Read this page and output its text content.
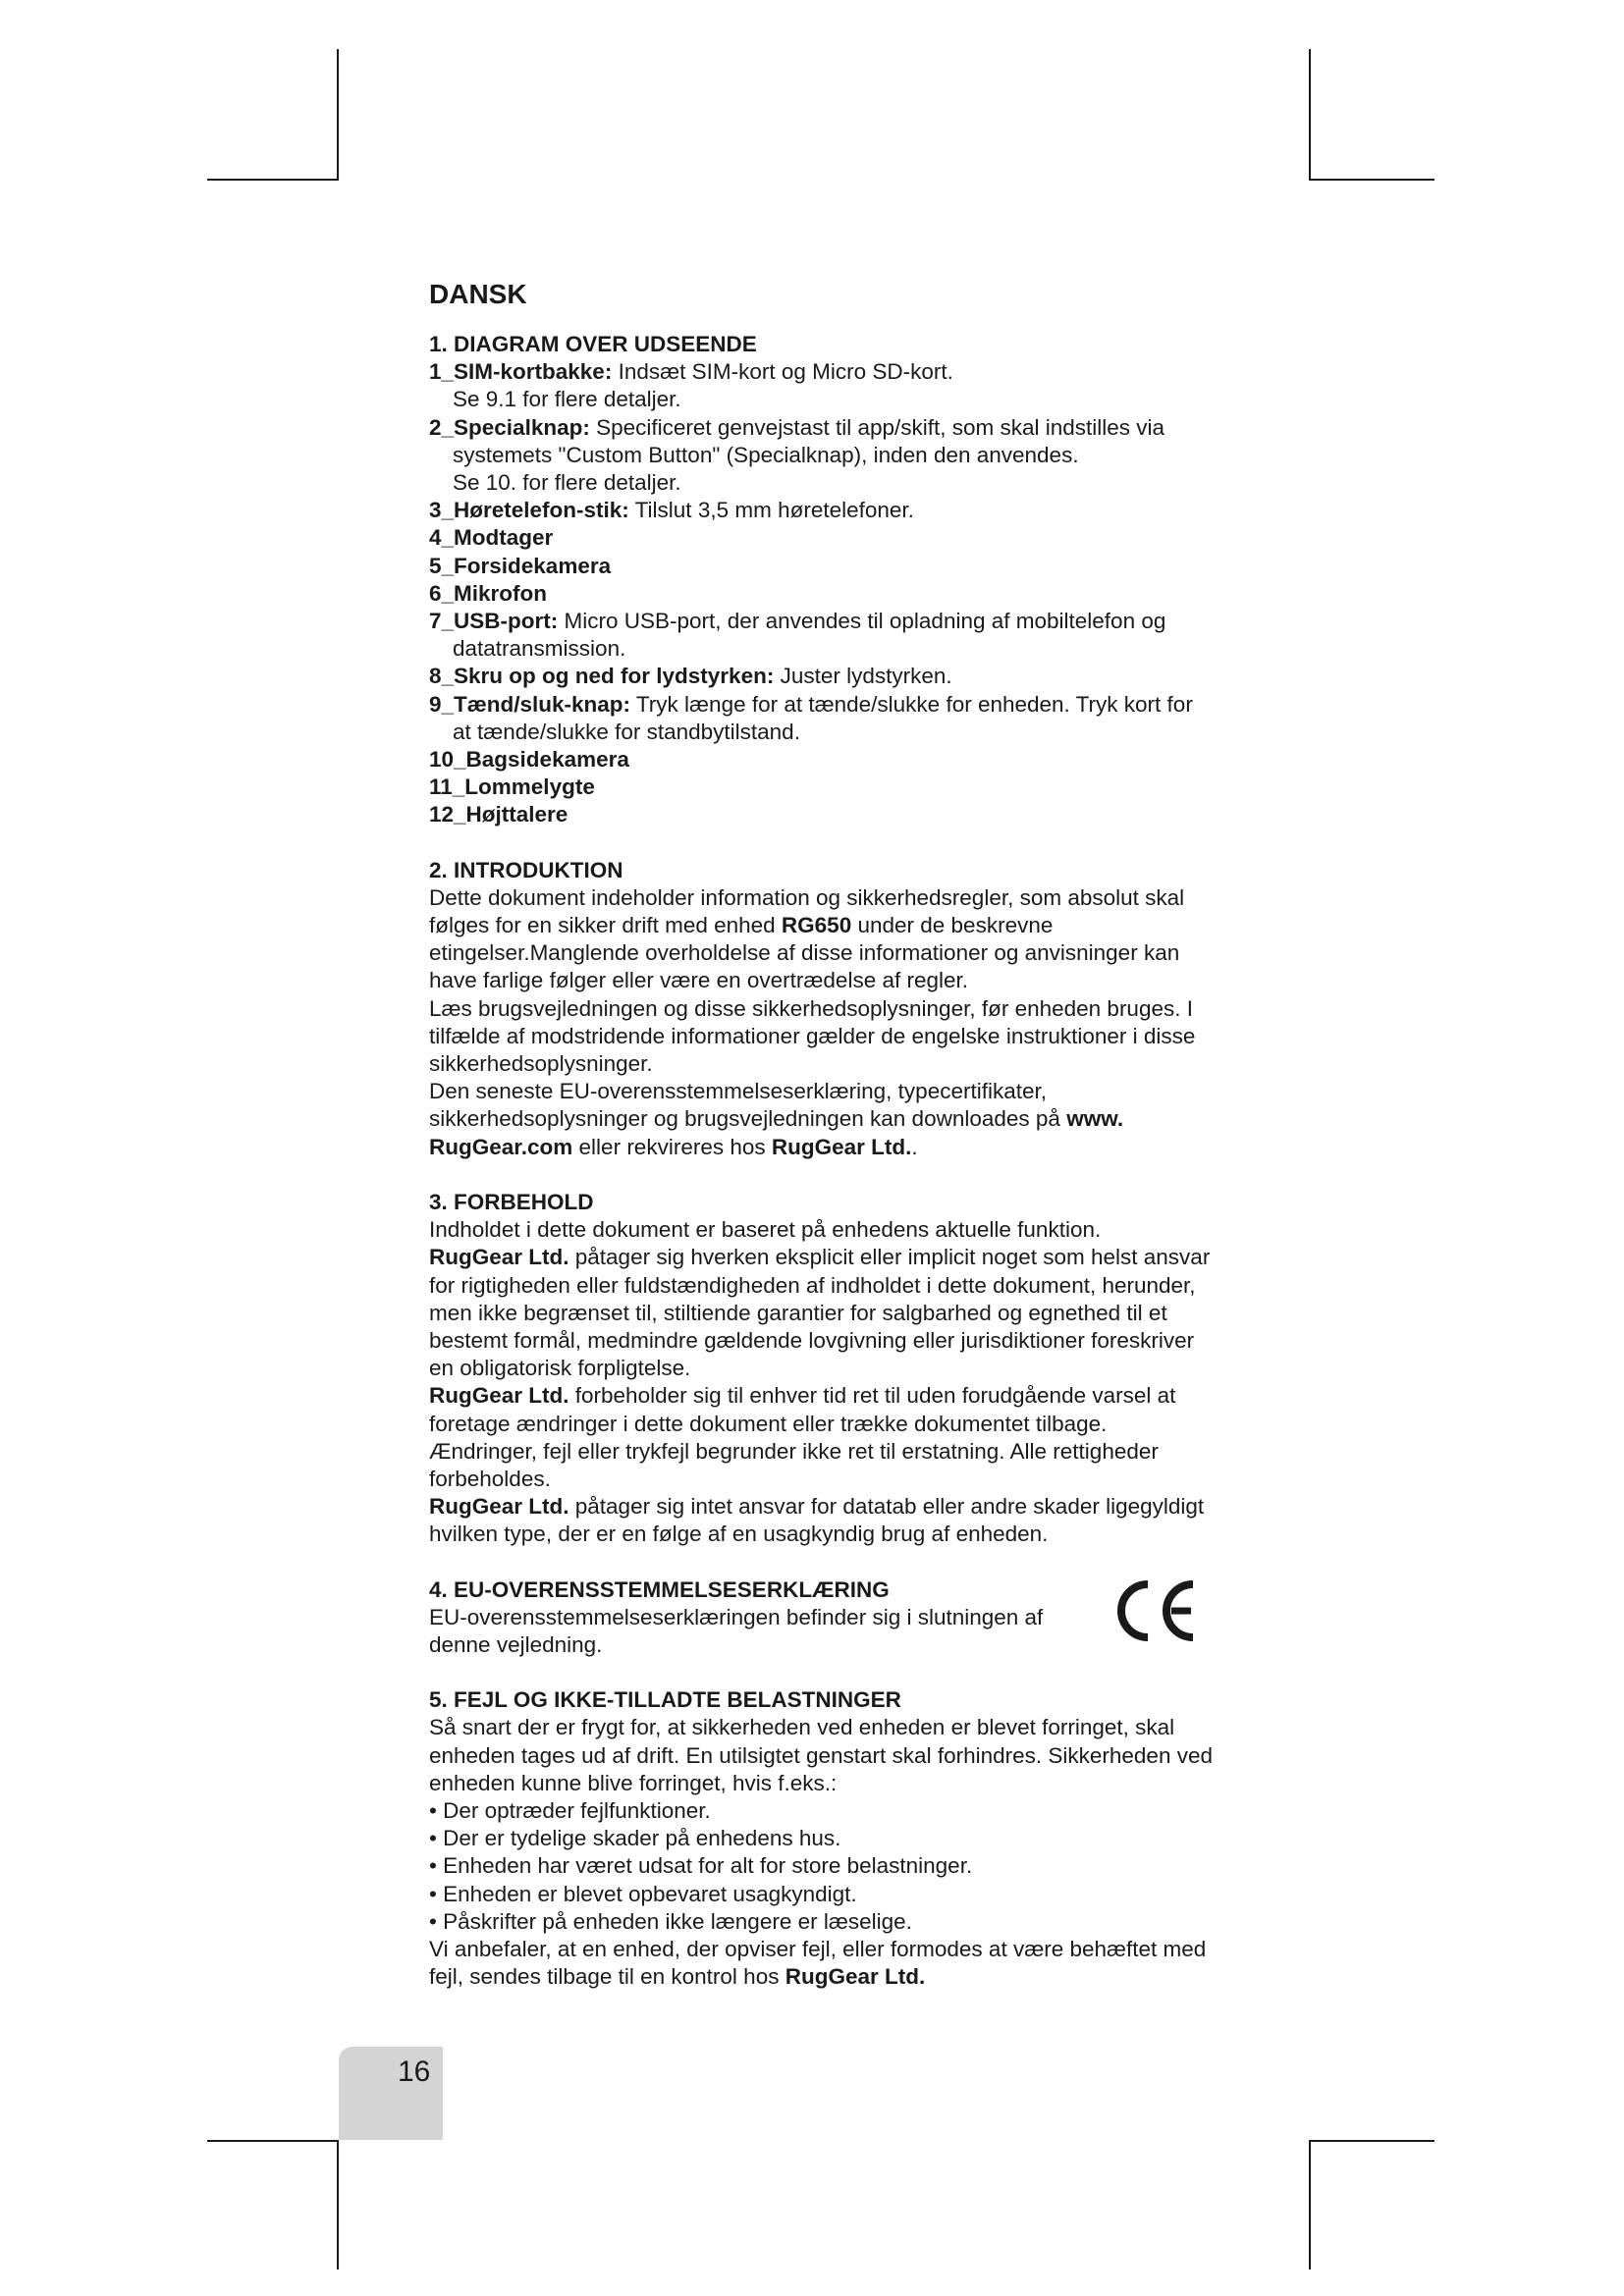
DANSK
1. DIAGRAM OVER UDSEENDE

1_SIM-kortbakke: Indsæt SIM-kort og Micro SD-kort.
Se 9.1 for flere detaljer.

2_Specialknap: Specificeret genvejstast til app/skift, som skal indstilles via systemets "Custom Button" (Specialknap), inden den anvendes.
Se 10. for flere detaljer.

3_Høretelefon-stik: Tilslut 3,5 mm høretelefoner.

4_Modtager

5_Forsidekamera

6_Mikrofon

7_USB-port: Micro USB-port, der anvendes til opladning af mobiltelefon og datatransmission.

8_Skru op og ned for lydstyrken: Juster lydstyrken.

9_Tænd/sluk-knap: Tryk længe for at tænde/slukke for enheden. Tryk kort for at tænde/slukke for standbytilstand.

10_Bagsidekamera

11_Lommelygte

12_Højttalere

2. INTRODUKTION

Dette dokument indeholder information og sikkerhedsregler, som absolut skal følges for en sikker drift med enhed RG650 under de beskrevne etingelser.Manglende overholdelse af disse informationer og anvisninger kan have farlige følger eller være en overtrædelse af regler.

Læs brugsvejledningen og disse sikkerhedsoplysninger, før enheden bruges. I tilfælde af modstridende informationer gælder de engelske instruktioner i disse sikkerhedsoplysninger.

Den seneste EU-overensstemmelseserklæring, typecertifikater, sikkerhedsoplysninger og brugsvejledningen kan downloades på www. RugGear.com eller rekvireres hos RugGear Ltd..

3. FORBEHOLD

Indholdet i dette dokument er baseret på enhedens aktuelle funktion.

RugGear Ltd. påtager sig hverken eksplicit eller implicit noget som helst ansvar for rigtigheden eller fuldstændigheden af indholdet i dette dokument, herunder, men ikke begrænset til, stiltiende garantier for salgbarhed og egnethed til et bestemt formål, medmindre gældende lovgivning eller jurisdiktioner foreskriver en obligatorisk forpligtelse.

RugGear Ltd. forbeholder sig til enhver tid ret til uden forudgående varsel at foretage ændringer i dette dokument eller trække dokumentet tilbage. Ændringer, fejl eller trykfejl begrunder ikke ret til erstatning. Alle rettigheder forbeholdes.

RugGear Ltd. påtager sig intet ansvar for datatab eller andre skader ligegyldigt hvilken type, der er en følge af en usagkyndig brug af enheden.

4. EU-OVERENSSTEMMELSESERKLÆRING

EU-overensstemmelseserklæringen befinder sig i slutningen af denne vejledning.

5. FEJL OG IKKE-TILLADTE BELASTNINGER

Så snart der er frygt for, at sikkerheden ved enheden er blevet forringet, skal enheden tages ud af drift. En utilsigtet genstart skal forhindres. Sikkerheden ved enheden kunne blive forringet, hvis f.eks.:

• Der optræder fejlfunktioner.

• Der er tydelige skader på enhedens hus.

• Enheden har været udsat for alt for store belastninger.

• Enheden er blevet opbevaret usagkyndigt.

• Påskrifter på enheden ikke længere er læselige.

Vi anbefaler, at en enhed, der opviser fejl, eller formodes at være behæftet med fejl, sendes tilbage til en kontrol hos RugGear Ltd.

16
